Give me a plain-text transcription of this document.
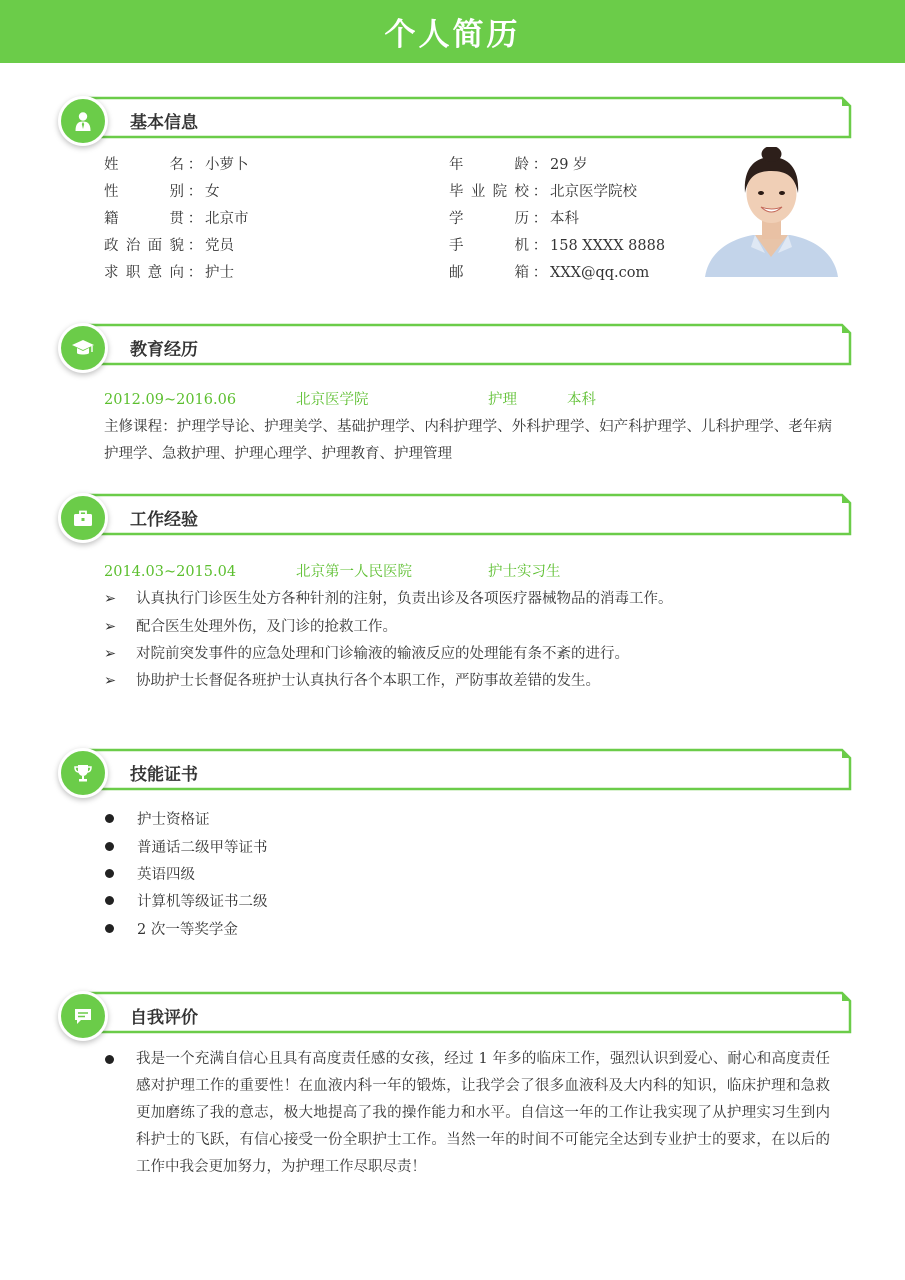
个人简历
基本信息
姓名 ： 小萝卜
性别 ： 女
籍贯 ： 北京市
政治面貌 ： 党员
求职意向 ： 护士
年龄 ： 29 岁
毕业院校 ： 北京医学院校
学历 ： 本科
手机 ： 158 XXXX 8888
邮箱 ： XXX@qq.com
教育经历
2012.09~2016.06	北京医学院	护理	本科
主修课程：护理学导论、护理美学、基础护理学、内科护理学、外科护理学、妇产科护理学、儿科护理学、老年病护理学、急救护理、护理心理学、护理教育、护理管理
工作经验
2014.03~2015.04	北京第一人民医院	护士实习生
➢ 认真执行门诊医生处方各种针剂的注射，负责出诊及各项医疗器械物品的消毒工作。
➢ 配合医生处理外伤，及门诊的抢救工作。
➢ 对院前突发事件的应急处理和门诊输液的输液反应的处理能有条不紊的进行。
➢ 协助护士长督促各班护士认真执行各个本职工作，严防事故差错的发生。
技能证书
护士资格证
普通话二级甲等证书
英语四级
计算机等级证书二级
2 次一等奖学金
自我评价
我是一个充满自信心且具有高度责任感的女孩，经过 1 年多的临床工作，强烈认识到爱心、耐心和高度责任感对护理工作的重要性！在血液内科一年的锻炼，让我学会了很多血液科及大内科的知识，临床护理和急救更加磨练了我的意志，极大地提高了我的操作能力和水平。自信这一年的工作让我实现了从护理实习生到内科护士的飞跃，有信心接受一份全职护士工作。当然一年的时间不可能完全达到专业护士的要求，在以后的工作中我会更加努力，为护理工作尽职尽责！
